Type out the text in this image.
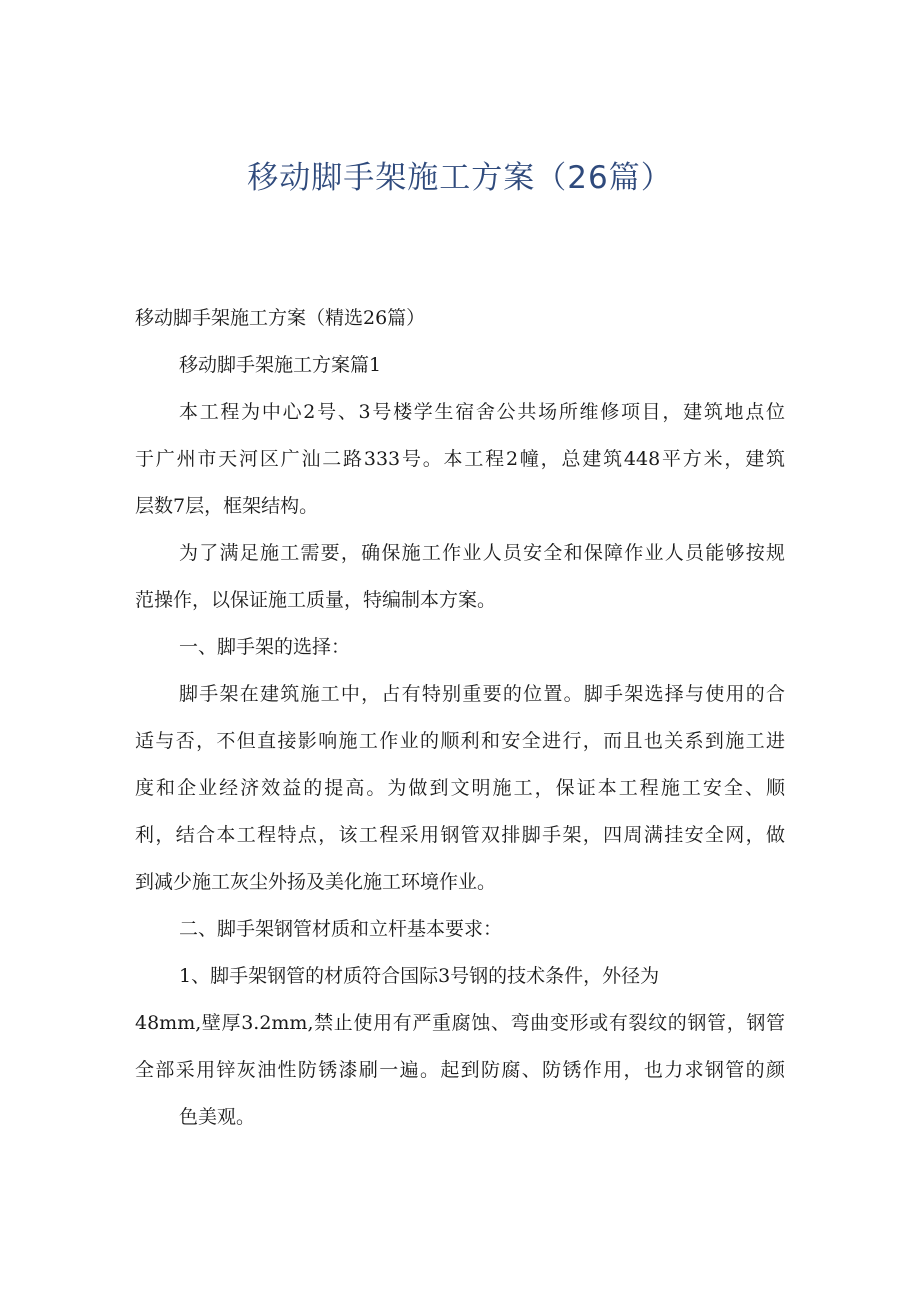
移动脚手架施工方案（26篇）
移动脚手架施工方案（精选26篇）
移动脚手架施工方案篇1
本工程为中心2号、3号楼学生宿舍公共场所维修项目，建筑地点位
于广州市天河区广汕二路333号。本工程2幢，总建筑448平方米，建筑
层数7层，框架结构。
为了满足施工需要，确保施工作业人员安全和保障作业人员能够按规
范操作，以保证施工质量，特编制本方案。
一、脚手架的选择：
脚手架在建筑施工中，占有特别重要的位置。脚手架选择与使用的合
适与否，不但直接影响施工作业的顺利和安全进行，而且也关系到施工进
度和企业经济效益的提高。为做到文明施工，保证本工程施工安全、顺
利，结合本工程特点，该工程采用钢管双排脚手架，四周满挂安全网，做
到减少施工灰尘外扬及美化施工环境作业。
二、脚手架钢管材质和立杆基本要求：
1、脚手架钢管的材质符合国际3号钢的技术条件，外径为
48mm,壁厚3.2mm,禁止使用有严重腐蚀、弯曲变形或有裂纹的钢管，钢管
全部采用锌灰油性防锈漆刷一遍。起到防腐、防锈作用，也力求钢管的颜
色美观。
